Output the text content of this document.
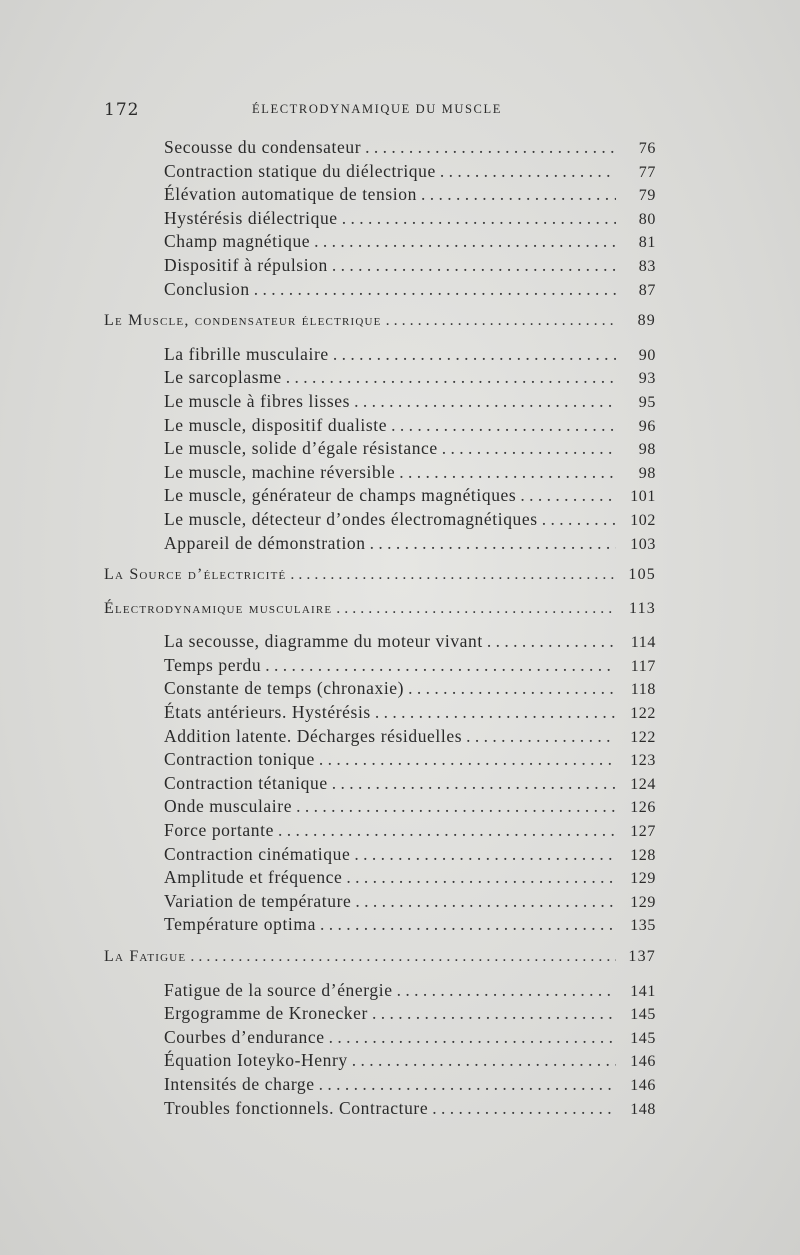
172	ÉLECTRODYNAMIQUE DU MUSCLE
Secousse du condensateur . . .	76
Contraction statique du diélectrique . . .	77
Élévation automatique de tension . . .	79
Hystérésis diélectrique . . .	80
Champ magnétique . . .	81
Dispositif à répulsion . . .	83
Conclusion . . .	87
Le Muscle, condensateur électrique . . .	89
La fibrille musculaire . . .	90
Le sarcoplasme . . .	93
Le muscle à fibres lisses . . .	95
Le muscle, dispositif dualiste . . .	96
Le muscle, solide d’égale résistance . . .	98
Le muscle, machine réversible . . .	98
Le muscle, générateur de champs magnétiques . . .	101
Le muscle, détecteur d’ondes électromagnétiques . . .	102
Appareil de démonstration . . .	103
La Source d’électricité . . .	105
Électrodynamique musculaire . . .	113
La secousse, diagramme du moteur vivant . . .	114
Temps perdu . . .	117
Constante de temps (chronaxie) . . .	118
États antérieurs. Hystérésis . . .	122
Addition latente. Décharges résiduelles . . .	122
Contraction tonique . . .	123
Contraction tétanique . . .	124
Onde musculaire . . .	126
Force portante . . .	127
Contraction cinématique . . .	128
Amplitude et fréquence . . .	129
Variation de température . . .	129
Température optima . . .	135
La Fatigue . . .	137
Fatigue de la source d’énergie . . .	141
Ergogramme de Kronecker . . .	145
Courbes d’endurance . . .	145
Équation Ioteyko-Henry . . .	146
Intensités de charge . . .	146
Troubles fonctionnels. Contracture . . .	148
